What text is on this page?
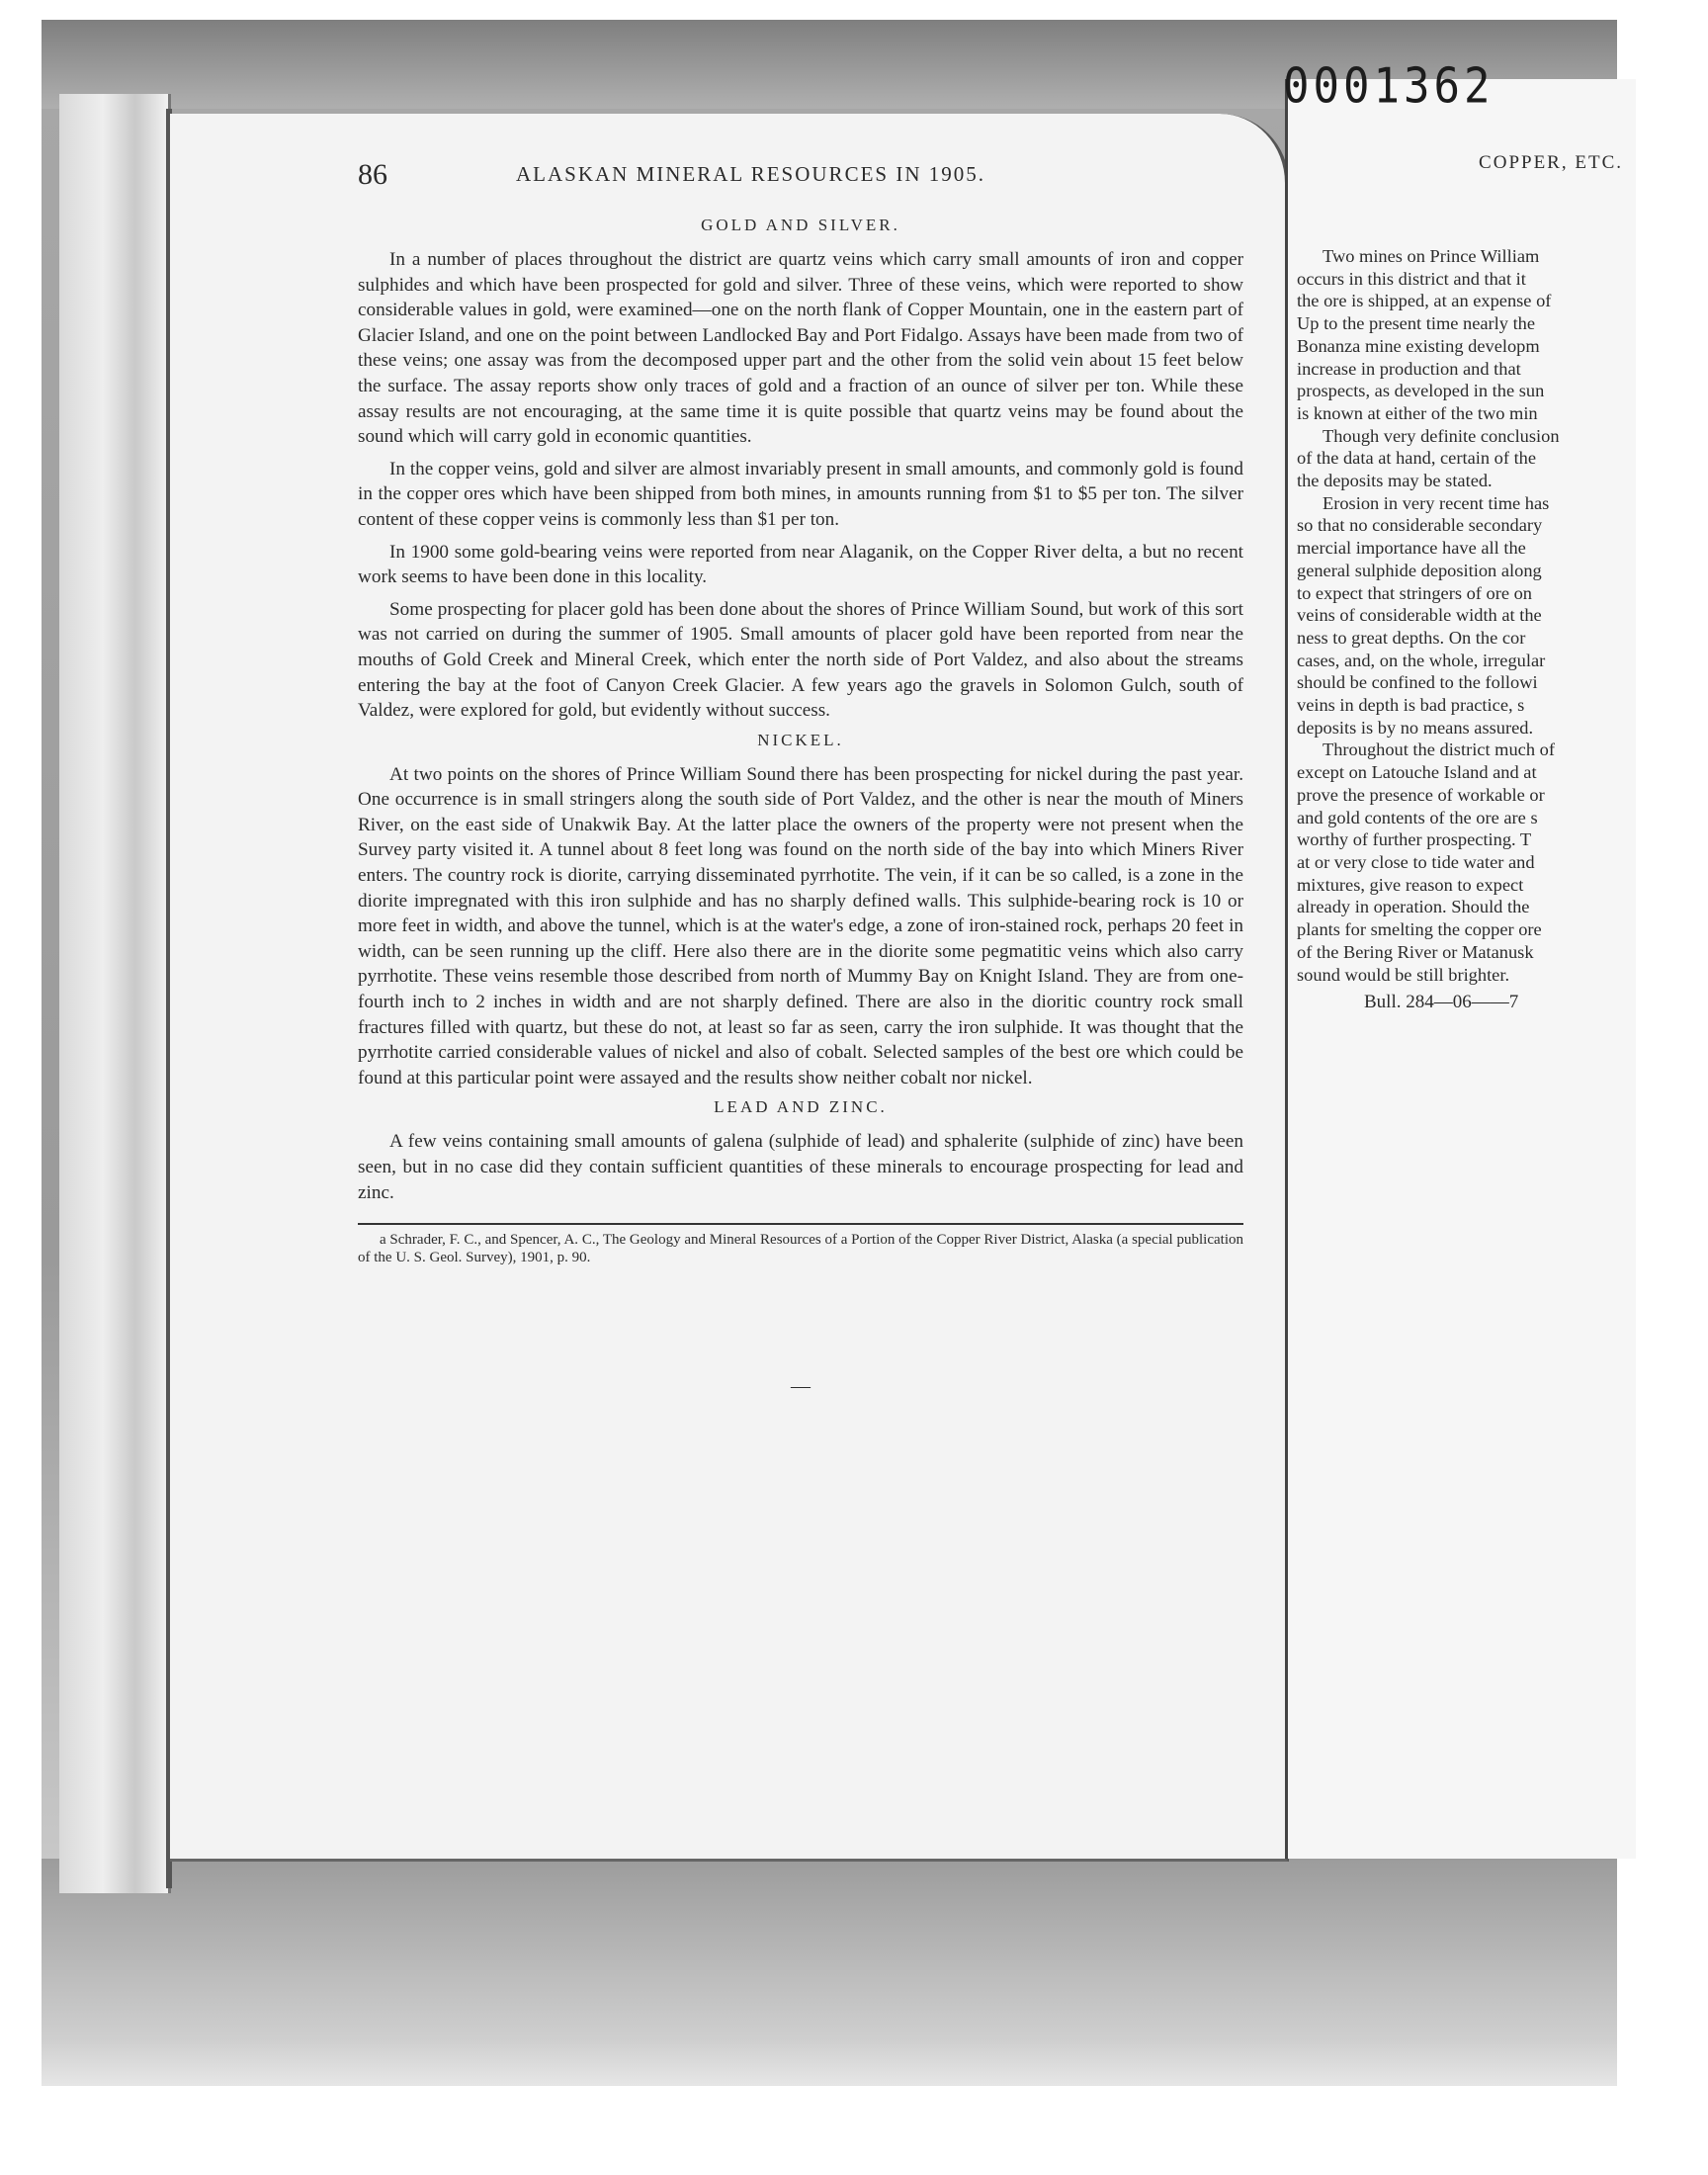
0001362
86	ALASKAN MINERAL RESOURCES IN 1905.
GOLD AND SILVER.

In a number of places throughout the district are quartz veins which carry small amounts of iron and copper sulphides and which have been prospected for gold and silver. Three of these veins, which were reported to show considerable values in gold, were examined—one on the north flank of Copper Mountain, one in the eastern part of Glacier Island, and one on the point between Landlocked Bay and Port Fidalgo. Assays have been made from two of these veins; one assay was from the decomposed upper part and the other from the solid vein about 15 feet below the surface. The assay reports show only traces of gold and a fraction of an ounce of silver per ton. While these assay results are not encouraging, at the same time it is quite possible that quartz veins may be found about the sound which will carry gold in economic quantities.

In the copper veins, gold and silver are almost invariably present in small amounts, and commonly gold is found in the copper ores which have been shipped from both mines, in amounts running from $1 to $5 per ton. The silver content of these copper veins is commonly less than $1 per ton.

In 1900 some gold-bearing veins were reported from near Alaganik, on the Copper River delta, a but no recent work seems to have been done in this locality.

Some prospecting for placer gold has been done about the shores of Prince William Sound, but work of this sort was not carried on during the summer of 1905. Small amounts of placer gold have been reported from near the mouths of Gold Creek and Mineral Creek, which enter the north side of Port Valdez, and also about the streams entering the bay at the foot of Canyon Creek Glacier. A few years ago the gravels in Solomon Gulch, south of Valdez, were explored for gold, but evidently without success.

NICKEL.

At two points on the shores of Prince William Sound there has been prospecting for nickel during the past year. One occurrence is in small stringers along the south side of Port Valdez, and the other is near the mouth of Miners River, on the east side of Unakwik Bay. At the latter place the owners of the property were not present when the Survey party visited it. A tunnel about 8 feet long was found on the north side of the bay into which Miners River enters. The country rock is diorite, carrying disseminated pyrrhotite. The vein, if it can be so called, is a zone in the diorite impregnated with this iron sulphide and has no sharply defined walls. This sulphide-bearing rock is 10 or more feet in width, and above the tunnel, which is at the water's edge, a zone of iron-stained rock, perhaps 20 feet in width, can be seen running up the cliff. Here also there are in the diorite some pegmatitic veins which also carry pyrrhotite. These veins resemble those described from north of Mummy Bay on Knight Island. They are from one-fourth inch to 2 inches in width and are not sharply defined. There are also in the dioritic country rock small fractures filled with quartz, but these do not, at least so far as seen, carry the iron sulphide. It was thought that the pyrrhotite carried considerable values of nickel and also of cobalt. Selected samples of the best ore which could be found at this particular point were assayed and the results show neither cobalt nor nickel.

LEAD AND ZINC.

A few veins containing small amounts of galena (sulphide of lead) and sphalerite (sulphide of zinc) have been seen, but in no case did they contain sufficient quantities of these minerals to encourage prospecting for lead and zinc.

a Schrader, F. C., and Spencer, A. C., The Geology and Mineral Resources of a Portion of the Copper River District, Alaska (a special publication of the U. S. Geol. Survey), 1901, p. 90.
—
COPPER, ETC.
Two mines on Prince William
occurs in this district and that it
the ore is shipped, at an expense of
Up to the present time nearly the
Bonanza mine existing developm
increase in production and that
prospects, as developed in the sun
is known at either of the two min
Though very definite conclusion
of the data at hand, certain of the
the deposits may be stated.
Erosion in very recent time has
so that no considerable secondary
mercial importance have all the
general sulphide deposition along
to expect that stringers of ore on
veins of considerable width at the
ness to great depths. On the cor
cases, and, on the whole, irregular
should be confined to the followi
veins in depth is bad practice, s
deposits is by no means assured.
Throughout the district much of
except on Latouche Island and at
prove the presence of workable or
and gold contents of the ore are s
worthy of further prospecting. T
at or very close to tide water and
mixtures, give reason to expect
already in operation. Should the
plants for smelting the copper ore
of the Bering River or Matanusk
sound would be still brighter.
Bull. 284—06——7
